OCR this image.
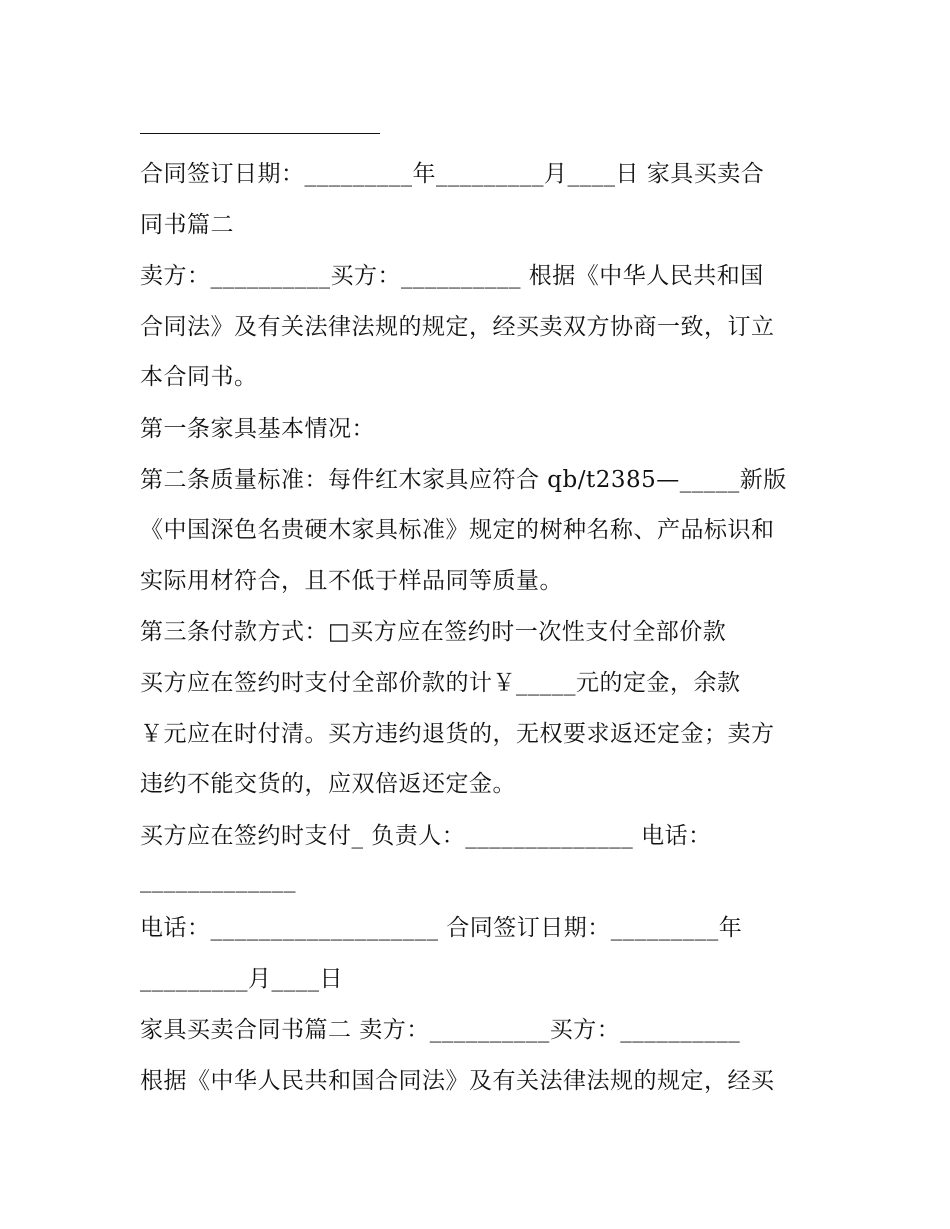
合同签订日期：_________年_________月____日 家具买卖合
同书篇二
卖方：__________买方：__________ 根据《中华人民共和国
合同法》及有关法律法规的规定，经买卖双方协商一致，订立
本合同书。
第一条家具基本情况：
第二条质量标准：每件红木家具应符合 qb/t2385—_____新版
《中国深色名贵硬木家具标准》规定的树种名称、产品标识和
实际用材符合，且不低于样品同等质量。
第三条付款方式：□买方应在签约时一次性支付全部价款
买方应在签约时支付全部价款的计￥_____元的定金，余款
￥元应在时付清。买方违约退货的，无权要求返还定金；卖方
违约不能交货的，应双倍返还定金。
买方应在签约时支付_ 负责人：______________ 电话：
_____________
电话：___________________ 合同签订日期：_________年
_________月____日
家具买卖合同书篇二 卖方：__________买方：__________
根据《中华人民共和国合同法》及有关法律法规的规定，经买
